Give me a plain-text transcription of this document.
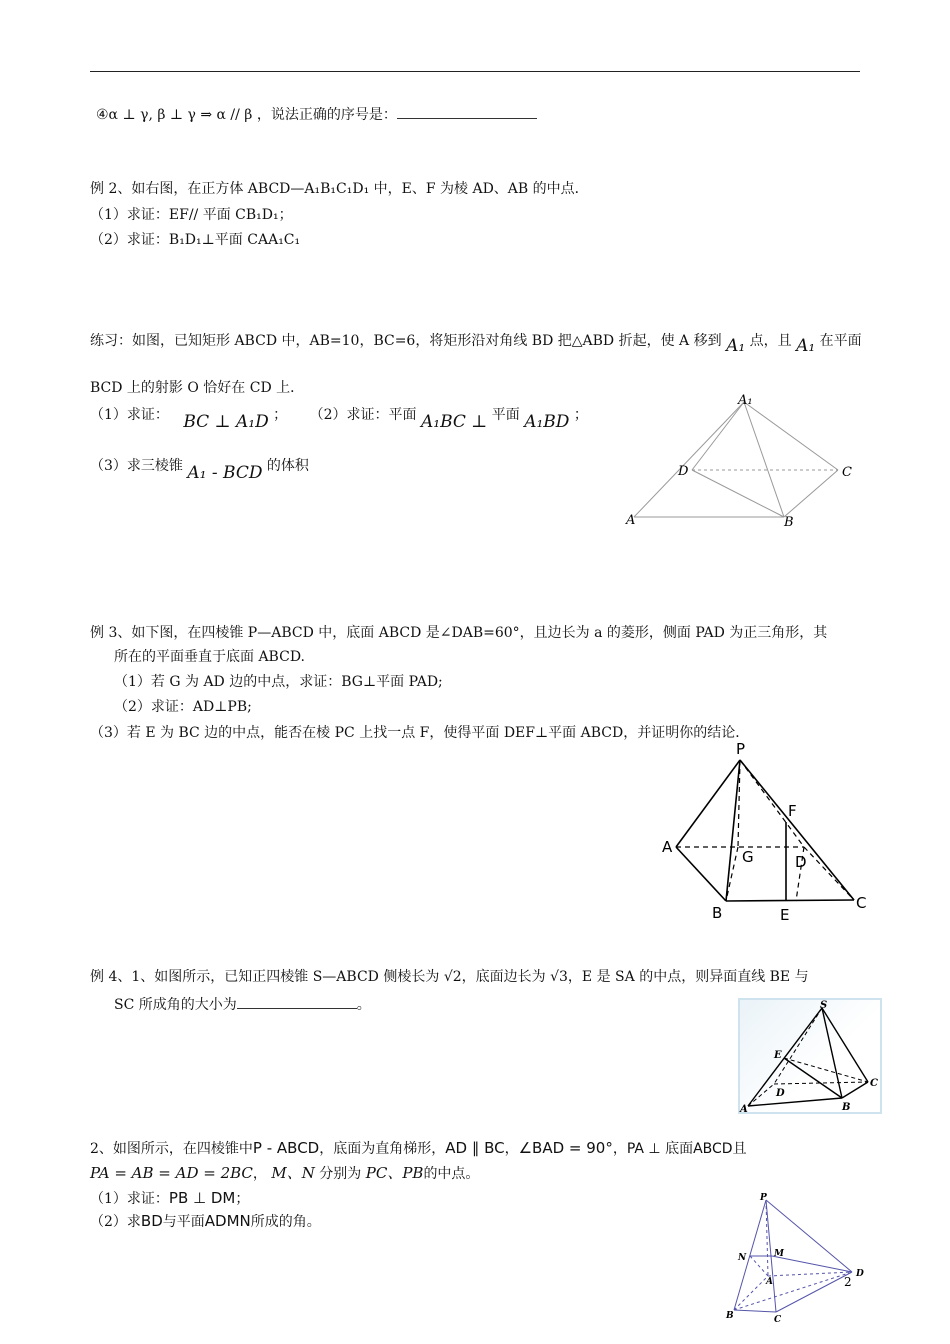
④α ⊥ γ, β ⊥ γ ⇒ α // β ，说法正确的序号是：
例 2、如右图，在正方体 ABCD—A₁B₁C₁D₁ 中，E、F 为棱 AD、AB 的中点．
（1）求证：EF// 平面 CB₁D₁；
（2）求证：B₁D₁⊥平面 CAA₁C₁
练习：如图，已知矩形 ABCD 中，AB=10，BC=6，将矩形沿对角线 BD 把△ABD 折起，使 A 移到 A₁ 点，且 A₁ 在平面
BCD 上的射影 O 恰好在 CD 上．
（1）求证： BC ⊥ A₁D ； （2）求证：平面 A₁BC ⊥ 平面 A₁BD ；
（3）求三棱锥 A₁ - BCD 的体积
A₁
D	C
A	B
例 3、如下图，在四棱锥 P—ABCD 中，底面 ABCD 是∠DAB=60°，且边长为 a 的菱形，侧面 PAD 为正三角形，其
所在的平面垂直于底面 ABCD.
（1）若 G 为 AD 边的中点，求证：BG⊥平面 PAD;
（2）求证：AD⊥PB;
（3）若 E 为 BC 边的中点，能否在棱 PC 上找一点 F，使得平面 DEF⊥平面 ABCD，并证明你的结论．
P
F
A
G	D
B	E
C
例 4、1、如图所示，已知正四棱锥 S—ABCD 侧棱长为 √2，底面边长为 √3，E 是 SA 的中点，则异面直线 BE 与
SC 所成角的大小为	。	S
E
D
C
A	B
2、如图所示，在四棱锥中P - ABCD，底面为直角梯形，AD ∥ BC，∠BAD = 90°，PA ⊥ 底面ABCD且
PA = AB = AD = 2BC， M、N 分别为 PC、PB的中点。
（1）求证：PB ⊥ DM；
（2）求BD与平面ADMN所成的角。
P
N	M
A
D
2
B	C
